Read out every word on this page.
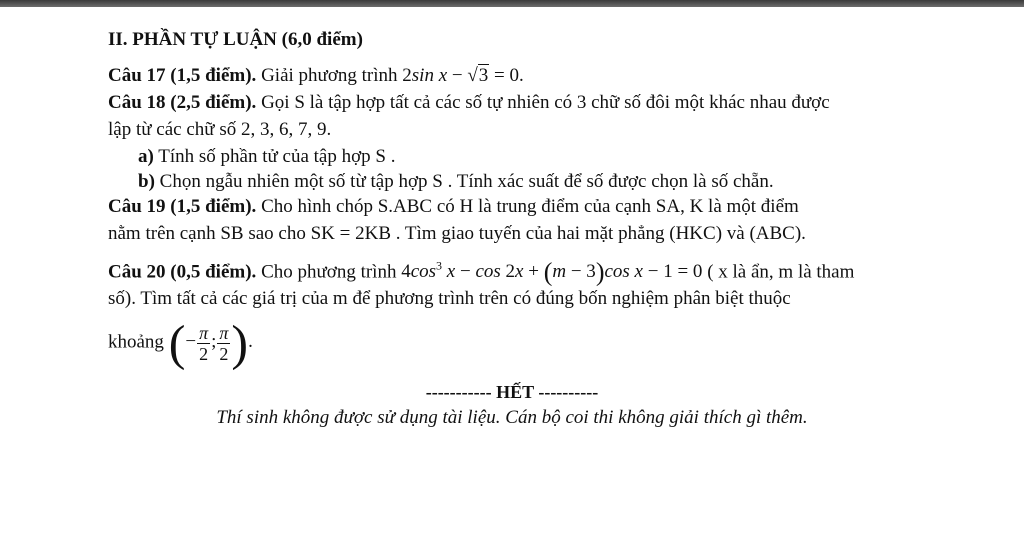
II. PHẦN TỰ LUẬN (6,0 điểm)
Câu 17 (1,5 điểm). Giải phương trình 2sin x − √3 = 0.
Câu 18 (2,5 điểm). Gọi S là tập hợp tất cả các số tự nhiên có 3 chữ số đôi một khác nhau được
lập từ các chữ số 2, 3, 6, 7, 9.
a) Tính số phần tử của tập hợp S .
b) Chọn ngẫu nhiên một số từ tập hợp S . Tính xác suất để số được chọn là số chẵn.
Câu 19 (1,5 điểm). Cho hình chóp S.ABC có H là trung điểm của cạnh SA, K là một điểm
nằm trên cạnh SB sao cho SK = 2KB . Tìm giao tuyến của hai mặt phẳng (HKC) và (ABC).
Câu 20 (0,5 điểm). Cho phương trình $4\cos^3$ x − cos 2x + (m − 3)cos x − 1 = 0 ( x là ẩn, m là tham
số). Tìm tất cả các giá trị của m để phương trình trên có đúng bốn nghiệm phân biệt thuộc
khoảng (− $\frac{\pi}{2}$ ; $\frac{\pi}{2}$ ).
----------- HẾT ----------
Thí sinh không được sử dụng tài liệu. Cán bộ coi thi không giải thích gì thêm.
